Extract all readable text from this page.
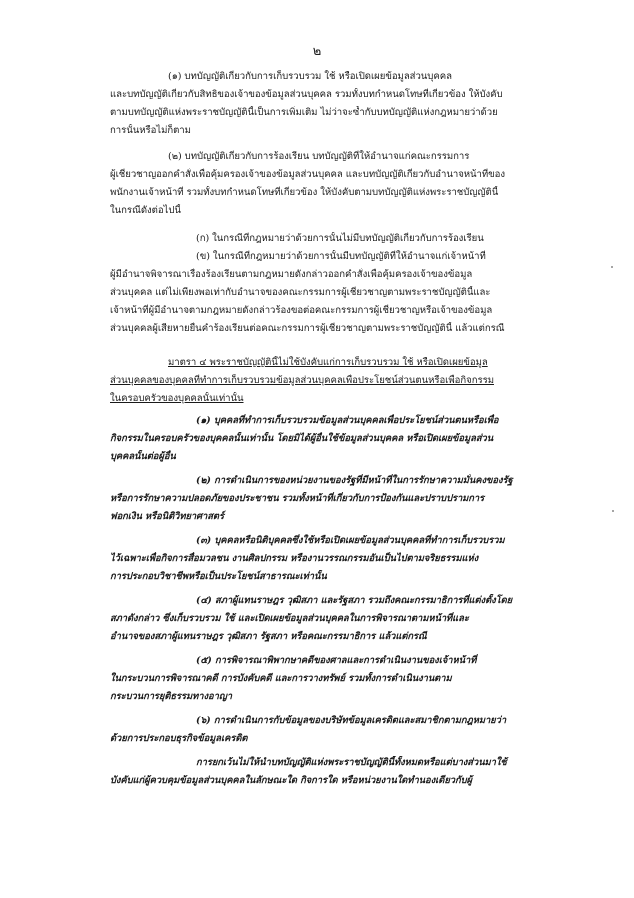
๒
(๑) บทบัญญัติเกี่ยวกับการเก็บรวบรวม ใช้ หรือเปิดเผยข้อมูลส่วนบุคคล
และบทบัญญัติเกี่ยวกับสิทธิของเจ้าของข้อมูลส่วนบุคคล รวมทั้งบทกำหนดโทษที่เกี่ยวข้อง ให้บังคับ
ตามบทบัญญัติแห่งพระราชบัญญัตินี้เป็นการเพิ่มเติม ไม่ว่าจะซ้ำกับบทบัญญัติแห่งกฎหมายว่าด้วย
การนั้นหรือไม่ก็ตาม
(๒) บทบัญญัติเกี่ยวกับการร้องเรียน บทบัญญัติที่ให้อำนาจแก่คณะกรรมการ
ผู้เชี่ยวชาญออกคำสั่งเพื่อคุ้มครองเจ้าของข้อมูลส่วนบุคคล และบทบัญญัติเกี่ยวกับอำนาจหน้าที่ของ
พนักงานเจ้าหน้าที่ รวมทั้งบทกำหนดโทษที่เกี่ยวข้อง ให้บังคับตามบทบัญญัติแห่งพระราชบัญญัตินี้
ในกรณีดังต่อไปนี้
(ก) ในกรณีที่กฎหมายว่าด้วยการนั้นไม่มีบทบัญญัติเกี่ยวกับการร้องเรียน
(ข) ในกรณีที่กฎหมายว่าด้วยการนั้นมีบทบัญญัติที่ให้อำนาจแก่เจ้าหน้าที่
ผู้มีอำนาจพิจารณาเรื่องร้องเรียนตามกฎหมายดังกล่าวออกคำสั่งเพื่อคุ้มครองเจ้าของข้อมูล
ส่วนบุคคล แต่ไม่เพียงพอเท่ากับอำนาจของคณะกรรมการผู้เชี่ยวชาญตามพระราชบัญญัตินี้และ
เจ้าหน้าที่ผู้มีอำนาจตามกฎหมายดังกล่าวร้องขอต่อคณะกรรมการผู้เชี่ยวชาญหรือเจ้าของข้อมูล
ส่วนบุคคลผู้เสียหายยื่นคำร้องเรียนต่อคณะกรรมการผู้เชี่ยวชาญตามพระราชบัญญัตินี้ แล้วแต่กรณี
มาตรา ๔ พระราชบัญญัตินี้ไม่ใช้บังคับแก่การเก็บรวบรวม ใช้ หรือเปิดเผยข้อมูล
ส่วนบุคคลของบุคคลที่ทำการเก็บรวบรวมข้อมูลส่วนบุคคลเพื่อประโยชน์ส่วนตนหรือเพื่อกิจกรรม
ในครอบครัวของบุคคลนั้นเท่านั้น
(๑) บุคคลที่ทำการเก็บรวบรวมข้อมูลส่วนบุคคลเพื่อประโยชน์ส่วนตนหรือเพื่อ
กิจกรรมในครอบครัวของบุคคลนั้นเท่านั้น โดยมิได้ผู้อื่นใช้ข้อมูลส่วนบุคคล หรือเปิดเผยข้อมูลส่วน
บุคคลนั้นต่อผู้อื่น
(๒) การดำเนินการของหน่วยงานของรัฐที่มีหน้าที่ในการรักษาความมั่นคงของรัฐ
หรือการรักษาความปลอดภัยของประชาชน รวมทั้งหน้าที่เกี่ยวกับการป้องกันและปราบปรามการ
ฟอกเงิน หรือนิติวิทยาศาสตร์
(๓) บุคคลหรือนิติบุคคลซึ่งใช้หรือเปิดเผยข้อมูลส่วนบุคคลที่ทำการเก็บรวบรวม
ไว้เฉพาะเพื่อกิจการสื่อมวลชน งานศิลปกรรม หรืองานวรรณกรรมอันเป็นไปตามจริยธรรมแห่ง
การประกอบวิชาชีพหรือเป็นประโยชน์สาธารณะเท่านั้น
(๔) สภาผู้แทนราษฎร วุฒิสภา และรัฐสภา รวมถึงคณะกรรมาธิการที่แต่งตั้งโดย
สภาดังกล่าว ซึ่งเก็บรวบรวม ใช้ และเปิดเผยข้อมูลส่วนบุคคลในการพิจารณาตามหน้าที่และ
อำนาจของสภาผู้แทนราษฎร วุฒิสภา รัฐสภา หรือคณะกรรมาธิการ แล้วแต่กรณี
(๕) การพิจารณาพิพากษาคดีของศาลและการดำเนินงานของเจ้าหน้าที่
ในกระบวนการพิจารณาคดี การบังคับคดี และการวางทรัพย์ รวมทั้งการดำเนินงานตาม
กระบวนการยุติธรรมทางอาญา
(๖) การดำเนินการกับข้อมูลของบริษัทข้อมูลเครดิตและสมาชิกตามกฎหมายว่า
ด้วยการประกอบธุรกิจข้อมูลเครดิต
การยกเว้นไม่ให้นำบทบัญญัติแห่งพระราชบัญญัตินี้ทั้งหมดหรือแต่บางส่วนมาใช้
บังคับแก่ผู้ควบคุมข้อมูลส่วนบุคคลในลักษณะใด กิจการใด หรือหน่วยงานใดทำนองเดียวกับผู้
